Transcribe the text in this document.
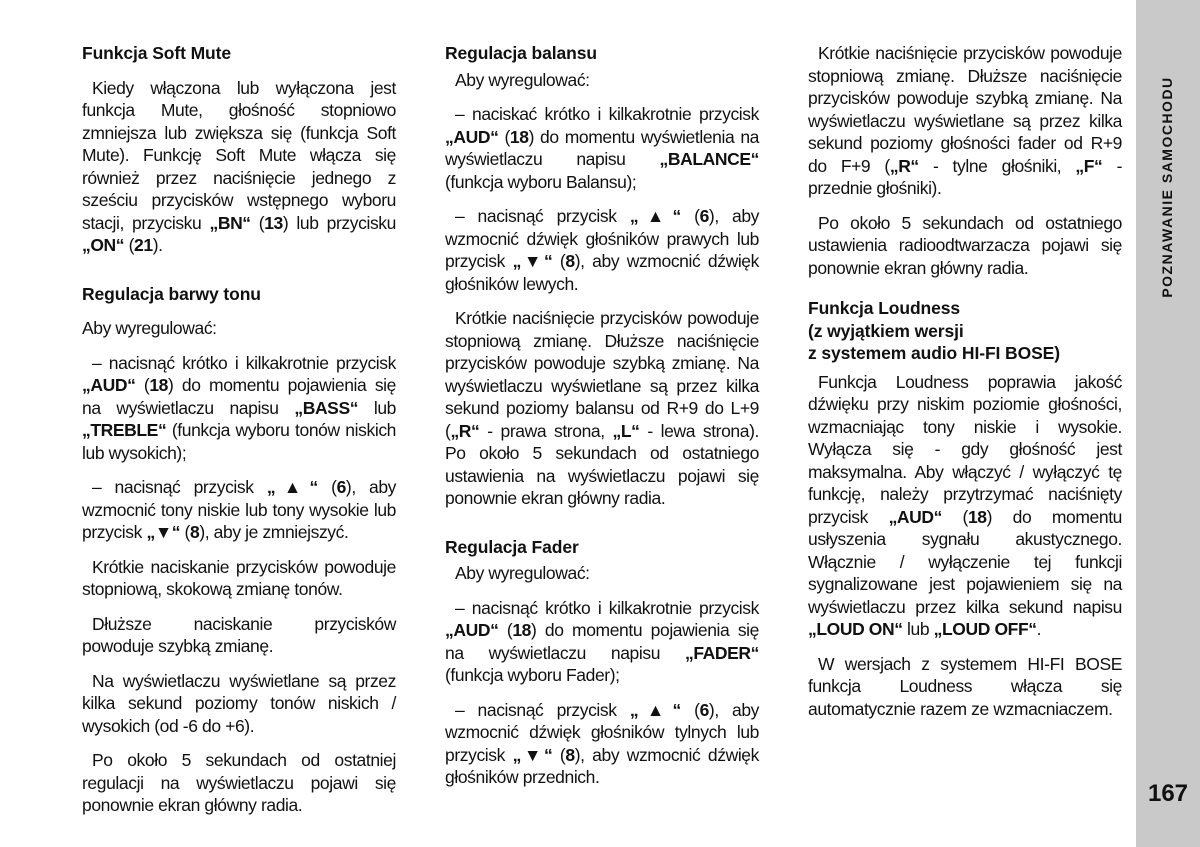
Funkcja Soft Mute

Kiedy włączona lub wyłączona jest funkcja Mute, głośność stopniowo zmniejsza lub zwiększa się (funkcja Soft Mute). Funkcję Soft Mute włącza się również przez naciśnięcie jednego z sześciu przycisków wstępnego wyboru stacji, przycisku „BN“ (13) lub przycisku „ON“ (21).

Regulacja barwy tonu

Aby wyregulować:

– nacisnąć krótko i kilkakrotnie przycisk „AUD“ (18) do momentu pojawienia się na wyświetlaczu napisu „BASS“ lub „TREBLE“ (funkcja wyboru tonów niskich lub wysokich);

– nacisnąć przycisk „▲“ (6), aby wzmocnić tony niskie lub tony wysokie lub przycisk „▼“ (8), aby je zmniejszyć.

Krótkie naciskanie przycisków powoduje stopniową, skokową zmianę tonów.

Dłuższe naciskanie przycisków powoduje szybką zmianę.

Na wyświetlaczu wyświetlane są przez kilka sekund poziomy tonów niskich / wysokich (od -6 do +6).

Po około 5 sekundach od ostatniej regulacji na wyświetlaczu pojawi się ponownie ekran główny radia.

Regulacja balansu

Aby wyregulować:

– naciskać krótko i kilkakrotnie przycisk „AUD“ (18) do momentu wyświetlenia na wyświetlaczu napisu „BALANCE“ (funkcja wyboru Balansu);

– nacisnąć przycisk „▲“ (6), aby wzmocnić dźwięk głośników prawych lub przycisk „▼“ (8), aby wzmocnić dźwięk głośników lewych.

Krótkie naciśnięcie przycisków powoduje stopniową zmianę. Dłuższe naciśnięcie przycisków powoduje szybką zmianę. Na wyświetlaczu wyświetlane są przez kilka sekund poziomy balansu od R+9 do L+9 („R“ - prawa strona, „L“ - lewa strona). Po około 5 sekundach od ostatniego ustawienia na wyświetlaczu pojawi się ponownie ekran główny radia.

Regulacja Fader

Aby wyregulować:

– nacisnąć krótko i kilkakrotnie przycisk „AUD“ (18) do momentu pojawienia się na wyświetlaczu napisu „FADER“ (funkcja wyboru Fader);

– nacisnąć przycisk „▲“ (6), aby wzmocnić dźwięk głośników tylnych lub przycisk „▼“ (8), aby wzmocnić dźwięk głośników przednich.

Krótkie naciśnięcie przycisków powoduje stopniową zmianę. Dłuższe naciśnięcie przycisków powoduje szybką zmianę. Na wyświetlaczu wyświetlane są przez kilka sekund poziomy głośności fader od R+9 do F+9 („R“ - tylne głośniki, „F“ - przednie głośniki).

Po około 5 sekundach od ostatniego ustawienia radioodtwarzacza pojawi się ponownie ekran główny radia.

Funkcja Loudness
(z wyjątkiem wersji
z systemem audio HI-FI BOSE)

Funkcja Loudness poprawia jakość dźwięku przy niskim poziomie głośności, wzmacniając tony niskie i wysokie. Wyłącza się - gdy głośność jest maksymalna. Aby włączyć / wyłączyć tę funkcję, należy przytrzymać naciśnięty przycisk „AUD“ (18) do momentu usłyszenia sygnału akustycznego. Włącznie / wyłączenie tej funkcji sygnalizowane jest pojawieniem się na wyświetlaczu przez kilka sekund napisu „LOUD ON“ lub „LOUD OFF“.

W wersjach z systemem HI-FI BOSE funkcja Loudness włącza się automatycznie razem ze wzmacniaczem.

POZNAWANIE SAMOCHODU
167
